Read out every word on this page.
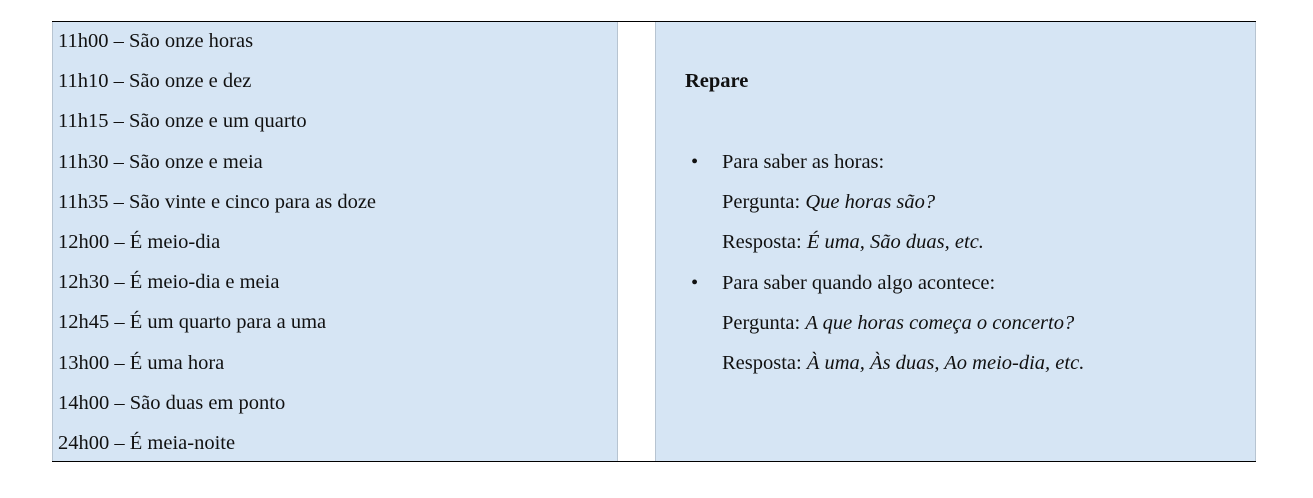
11h00 – São onze horas
11h10 – São onze e dez
11h15 – São onze e um quarto
11h30 – São onze e meia
11h35 – São vinte e cinco para as doze
12h00 – É meio-dia
12h30 – É meio-dia e meia
12h45 – É um quarto para a uma
13h00 – É uma hora
14h00 – São duas em ponto
24h00 – É meia-noite
Repare
• Para saber as horas:
Pergunta: Que horas são?
Resposta: É uma, São duas, etc.
• Para saber quando algo acontece:
Pergunta: A que horas começa o concerto?
Resposta: À uma, Às duas, Ao meio-dia, etc.
